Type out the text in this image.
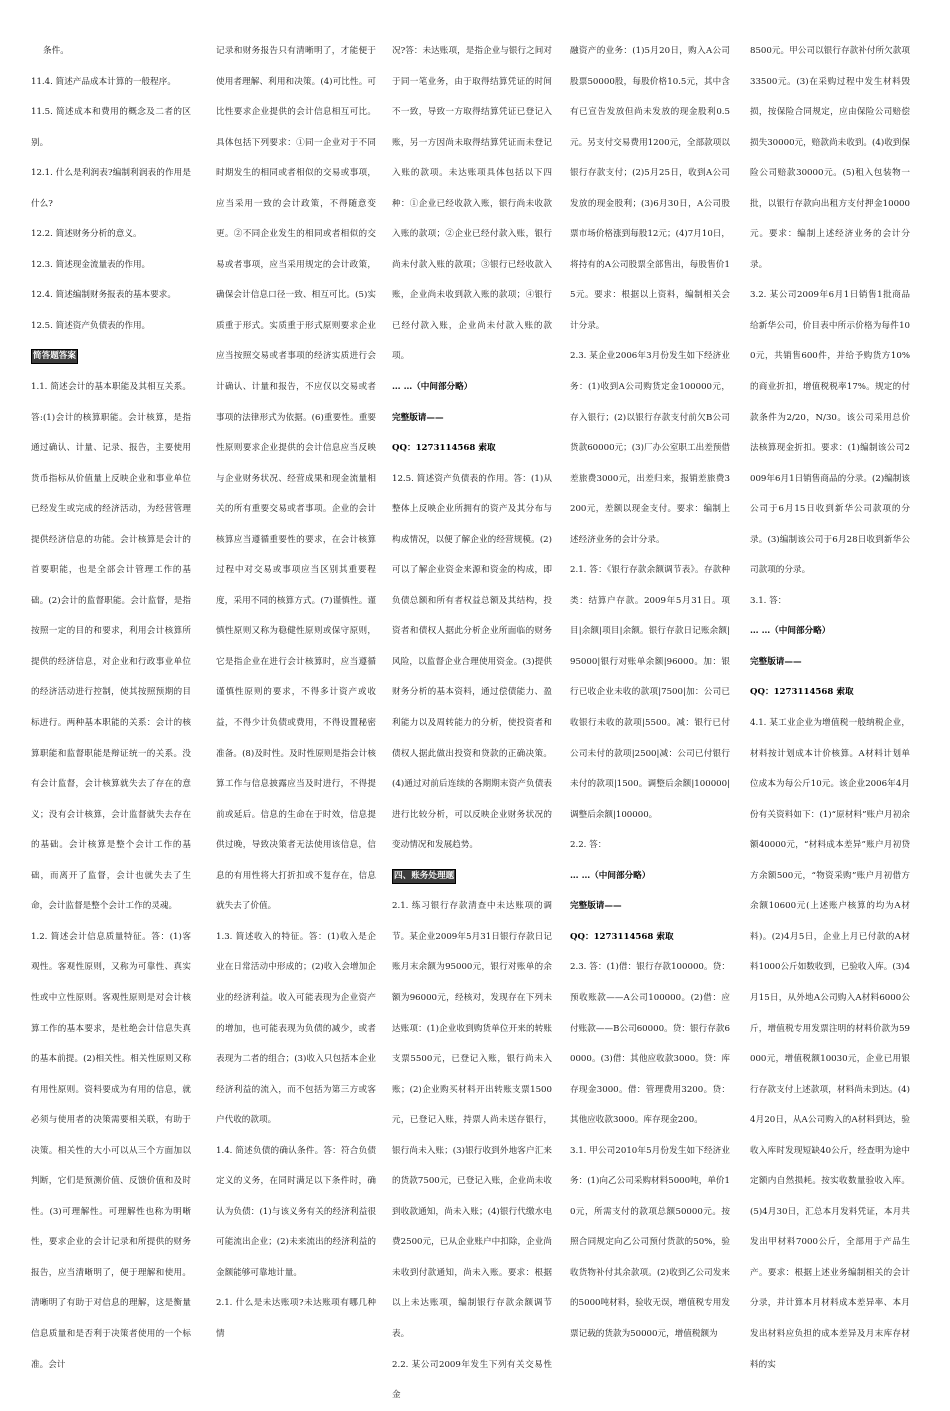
条件。
11.4. 简述产品成本计算的一般程序。
11.5. 简述成本和费用的概念及二者的区别。
12.1. 什么是利润表?编制利润表的作用是什么?
12.2. 简述财务分析的意义。
12.3. 简述现金流量表的作用。
12.4. 简述编制财务报表的基本要求。
12.5. 简述资产负债表的作用。
简答题答案
1.1. 简述会计的基本职能及其相互关系。答:(1)会计的核算职能。会计核算，是指通过确认、计量、记录、报告，主要使用货币指标从价值量上反映企业和事业单位已经发生或完成的经济活动，为经营管理提供经济信息的功能。会计核算是会计的首要职能，也是全部会计管理工作的基础。(2)会计的监督职能。会计监督，是指按照一定的目的和要求，利用会计核算所提供的经济信息，对企业和行政事业单位的经济活动进行控制，使其按照预期的目标进行。两种基本职能的关系：会计的核算职能和监督职能是辩证统一的关系。没有会计监督，会计核算就失去了存在的意义；没有会计核算，会计监督就失去存在的基础。会计核算是整个会计工作的基础，而离开了监督，会计也就失去了生命，会计监督是整个会计工作的灵魂。
1.2. 简述会计信息质量特征。答：(1)客观性。客观性原则，又称为可靠性、真实性或中立性原则。客观性原则是对会计核算工作的基本要求，是杜绝会计信息失真的基本前提。(2)相关性。相关性原则又称有用性原则。资料要成为有用的信息，就必须与使用者的决策需要相关联，有助于决策。相关性的大小可以从三个方面加以判断，它们是预测价值、反馈价值和及时性。(3)可理解性。可理解性也称为明晰性，要求企业的会计记录和所提供的财务报告，应当清晰明了，便于理解和使用。清晰明了有助于对信息的理解，这是衡量信息质量和是否利于决策者使用的一个标准。会计
记录和财务报告只有清晰明了，才能便于使用者理解、利用和决策。(4)可比性。可比性要求企业提供的会计信息相互可比。具体包括下列要求：①同一企业对于不同时期发生的相同或者相似的交易或事项，应当采用一致的会计政策，不得随意变更。②不同企业发生的相同或者相似的交易或者事项，应当采用规定的会计政策，确保会计信息口径一致、相互可比。(5)实质重于形式。实质重于形式原则要求企业应当按照交易或者事项的经济实质进行会计确认、计量和报告，不应仅以交易或者事项的法律形式为依据。(6)重要性。重要性原则要求企业提供的会计信息应当反映与企业财务状况、经营成果和现金流量相关的所有重要交易或者事项。企业的会计核算应当遵循重要性的要求，在会计核算过程中对交易或事项应当区别其重要程度，采用不同的核算方式。(7)谨慎性。谨慎性原则又称为稳健性原则或保守原则，它是指企业在进行会计核算时，应当遵循谨慎性原则的要求，不得多计资产或收益，不得少计负债或费用，不得设置秘密准备。(8)及时性。及时性原则是指会计核算工作与信息披露应当及时进行，不得提前或延后。信息的生命在于时效，信息提供过晚，导致决策者无法使用该信息，信息的有用性将大打折扣或不复存在，信息就失去了价值。
1.3. 简述收入的特征。答：(1)收入是企业在日常活动中形成的；(2)收入会增加企业的经济利益。收入可能表现为企业资产的增加，也可能表现为负债的减少，或者表现为二者的组合；(3)收入只包括本企业经济利益的流入，而不包括为第三方或客户代收的款项。
1.4. 简述负债的确认条件。答：符合负债定义的义务，在同时满足以下条件时，确认为负债：(1)与该义务有关的经济利益很可能流出企业；(2)未来流出的经济利益的金额能够可靠地计量。
2.1. 什么是未达账项?未达账项有哪几种情
况?答：未达账项，是指企业与银行之间对于同一笔业务，由于取得结算凭证的时间不一致，导致一方取得结算凭证已登记入账，另一方因尚未取得结算凭证而未登记入账的款项。未达账项具体包括以下四种：①企业已经收款入账，银行尚未收款入账的款项；②企业已经付款入账，银行尚未付款入账的款项；③银行已经收款入账，企业尚未收到款入账的款项；④银行已经付款入账，企业尚未付款入账的款项。
… …（中间部分略）
完整版请——
QQ：1273114568 索取
12.5. 简述资产负债表的作用。答：(1)从整体上反映企业所拥有的资产及其分布与构成情况，以便了解企业的经营规模。(2)可以了解企业资金来源和资金的构成，即负债总额和所有者权益总额及其结构，投资者和债权人据此分析企业所面临的财务风险，以监督企业合理使用资金。(3)提供财务分析的基本资料，通过偿债能力、盈利能力以及周转能力的分析，使投资者和债权人据此做出投资和贷款的正确决策。(4)通过对前后连续的各期期末资产负债表进行比较分析，可以反映企业财务状况的变动情况和发展趋势。
四、账务处理题
2.1. 练习银行存款清查中未达账项的调节。某企业2009年5月31日银行存款日记账月末余额为95000元，银行对账单的余额为96000元，经核对，发现存在下列未达账项：(1)企业收到购货单位开来的转账支票5500元，已登记入账，银行尚未入账；(2)企业购买材料开出转账支票1500元，已登记入账，持票人尚未送存银行，银行尚未入账；(3)银行收到外地客户汇来的货款7500元，已登记入账，企业尚未收到收款通知，尚未入账；(4)银行代缴水电费2500元，已从企业账户中扣除，企业尚未收到付款通知，尚未入账。要求：根据以上未达账项，编制银行存款余额调节表。
2.2. 某公司2009年发生下列有关交易性金
融资产的业务：(1)5月20日，购入A公司股票50000股，每股价格10.5元，其中含有已宣告发放但尚未发放的现金股利0.5元。另支付交易费用1200元，全部款项以银行存款支付；(2)5月25日，收到A公司发放的现金股利；(3)6月30日，A公司股票市场价格涨到每股12元；(4)7月10日，将持有的A公司股票全部售出，每股售价15元。要求：根据以上资料，编制相关会计分录。
2.3. 某企业2006年3月份发生如下经济业务：(1)收到A公司购货定金100000元，存入银行；(2)以银行存款支付前欠B公司货款60000元；(3)厂办公室职工出差预借差旅费3000元，出差归来，报销差旅费3200元，差额以现金支付。要求：编制上述经济业务的会计分录。
2.1. 答：《银行存款余额调节表》。存款种类：结算户存款。2009年5月31日。项目|余额|项目|余额。银行存款日记账余额|95000|银行对账单余额|96000。加：银行已收企业未收的款项|7500|加：公司已收银行未收的款项|5500。减：银行已付公司未付的款项|2500|减：公司已付银行未付的款项|1500。调整后余额|100000|调整后余额|100000。
2.2. 答：
… …（中间部分略）
完整版请——
QQ：1273114568 索取
2.3. 答：(1)借：银行存款100000。贷：预收账款——A公司100000。(2)借：应付账款——B公司60000。贷：银行存款60000。(3)借：其他应收款3000。贷：库存现金3000。借：管理费用3200。贷：其他应收款3000。库存现金200。
3.1. 甲公司2010年5月份发生如下经济业务：(1)向乙公司采购材料5000吨，单价10元，所需支付的款项总额50000元。按照合同规定向乙公司预付货款的50%，验收货物补付其余款项。(2)收到乙公司发来的5000吨材料，验收无误，增值税专用发票记载的货款为50000元，增值税额为
8500元。甲公司以银行存款补付所欠款项33500元。(3)在采购过程中发生材料毁损，按保险合同规定，应由保险公司赔偿损失30000元，赔款尚未收到。(4)收到保险公司赔款30000元。(5)租入包装物一批，以银行存款向出租方支付押金10000元。要求：编制上述经济业务的会计分录。
3.2. 某公司2009年6月1日销售1批商品给新华公司，价目表中所示价格为每件100元，共销售600件，并给予购货方10%的商业折扣，增值税税率17%。规定的付款条件为2/20，N/30。该公司采用总价法核算现金折扣。要求：(1)编制该公司2009年6月1日销售商品的分录。(2)编制该公司于6月15日收到新华公司款项的分录。(3)编制该公司于6月28日收到新华公司款项的分录。
3.1. 答：
… …（中间部分略）
完整版请——
QQ：1273114568 索取
4.1. 某工业企业为增值税一般纳税企业，材料按计划成本计价核算。A材料计划单位成本为每公斤10元。该企业2006年4月份有关资料如下：(1)“原材料”账户月初余额40000元，“材料成本差异”账户月初贷方余额500元，“物资采购”账户月初借方余额10600元(上述账户核算的均为A材料)。(2)4月5日，企业上月已付款的A材料1000公斤如数收到，已验收入库。(3)4月15日，从外地A公司购入A材料6000公斤，增值税专用发票注明的材料价款为59000元，增值税额10030元，企业已用银行存款支付上述款项，材料尚未到达。(4)4月20日，从A公司购入的A材料到达，验收入库时发现短缺40公斤，经查明为途中定额内自然损耗。按实收数量验收入库。(5)4月30日，汇总本月发料凭证，本月共发出甲材料7000公斤，全部用于产品生产。要求：根据上述业务编制相关的会计分录，并计算本月材料成本差异率、本月发出材料应负担的成本差异及月末库存材料的实
